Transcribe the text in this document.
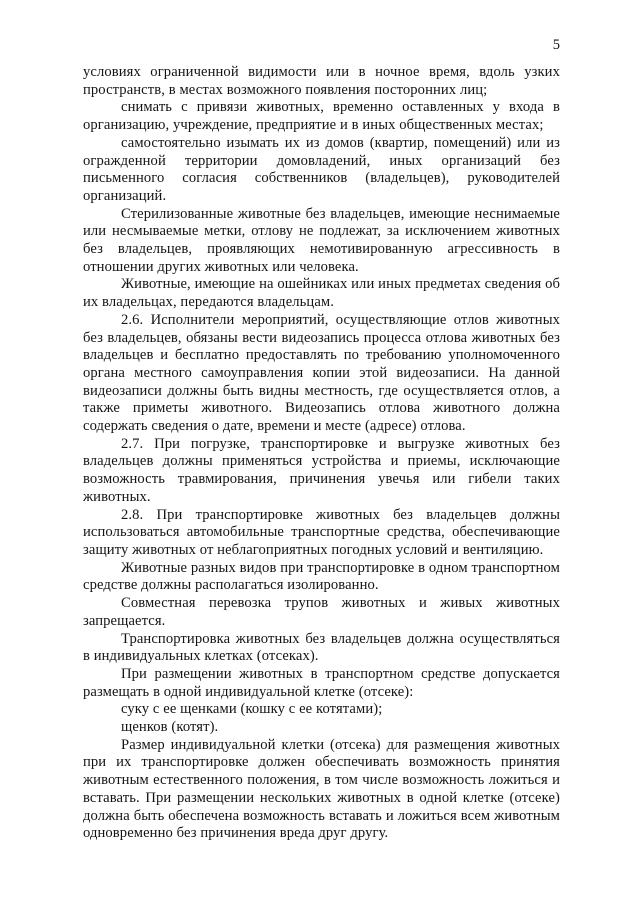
5

условиях ограниченной видимости или в ночное время, вдоль узких пространств, в местах возможного появления посторонних лиц;

снимать с привязи животных, временно оставленных у входа в организацию, учреждение, предприятие и в иных общественных местах;

самостоятельно изымать их из домов (квартир, помещений) или из огражденной территории домовладений, иных организаций без письменного согласия собственников (владельцев), руководителей организаций.

Стерилизованные животные без владельцев, имеющие неснимаемые или несмываемые метки, отлову не подлежат, за исключением животных без владельцев, проявляющих немотивированную агрессивность в отношении других животных или человека.

Животные, имеющие на ошейниках или иных предметах сведения об их владельцах, передаются владельцам.

2.6. Исполнители мероприятий, осуществляющие отлов животных без владельцев, обязаны вести видеозапись процесса отлова животных без владельцев и бесплатно предоставлять по требованию уполномоченного органа местного самоуправления копии этой видеозаписи. На данной видеозаписи должны быть видны местность, где осуществляется отлов, а также приметы животного. Видеозапись отлова животного должна содержать сведения о дате, времени и месте (адресе) отлова.

2.7. При погрузке, транспортировке и выгрузке животных без владельцев должны применяться устройства и приемы, исключающие возможность травмирования, причинения увечья или гибели таких животных.

2.8. При транспортировке животных без владельцев должны использоваться автомобильные транспортные средства, обеспечивающие защиту животных от неблагоприятных погодных условий и вентиляцию.

Животные разных видов при транспортировке в одном транспортном средстве должны располагаться изолированно.

Совместная перевозка трупов животных и живых животных запрещается.

Транспортировка животных без владельцев должна осуществляться в индивидуальных клетках (отсеках).

При размещении животных в транспортном средстве допускается размещать в одной индивидуальной клетке (отсеке):

суку с ее щенками (кошку с ее котятами);

щенков (котят).

Размер индивидуальной клетки (отсека) для размещения животных при их транспортировке должен обеспечивать возможность принятия животным естественного положения, в том числе возможность ложиться и вставать. При размещении нескольких животных в одной клетке (отсеке) должна быть обеспечена возможность вставать и ложиться всем животным одновременно без причинения вреда друг другу.
